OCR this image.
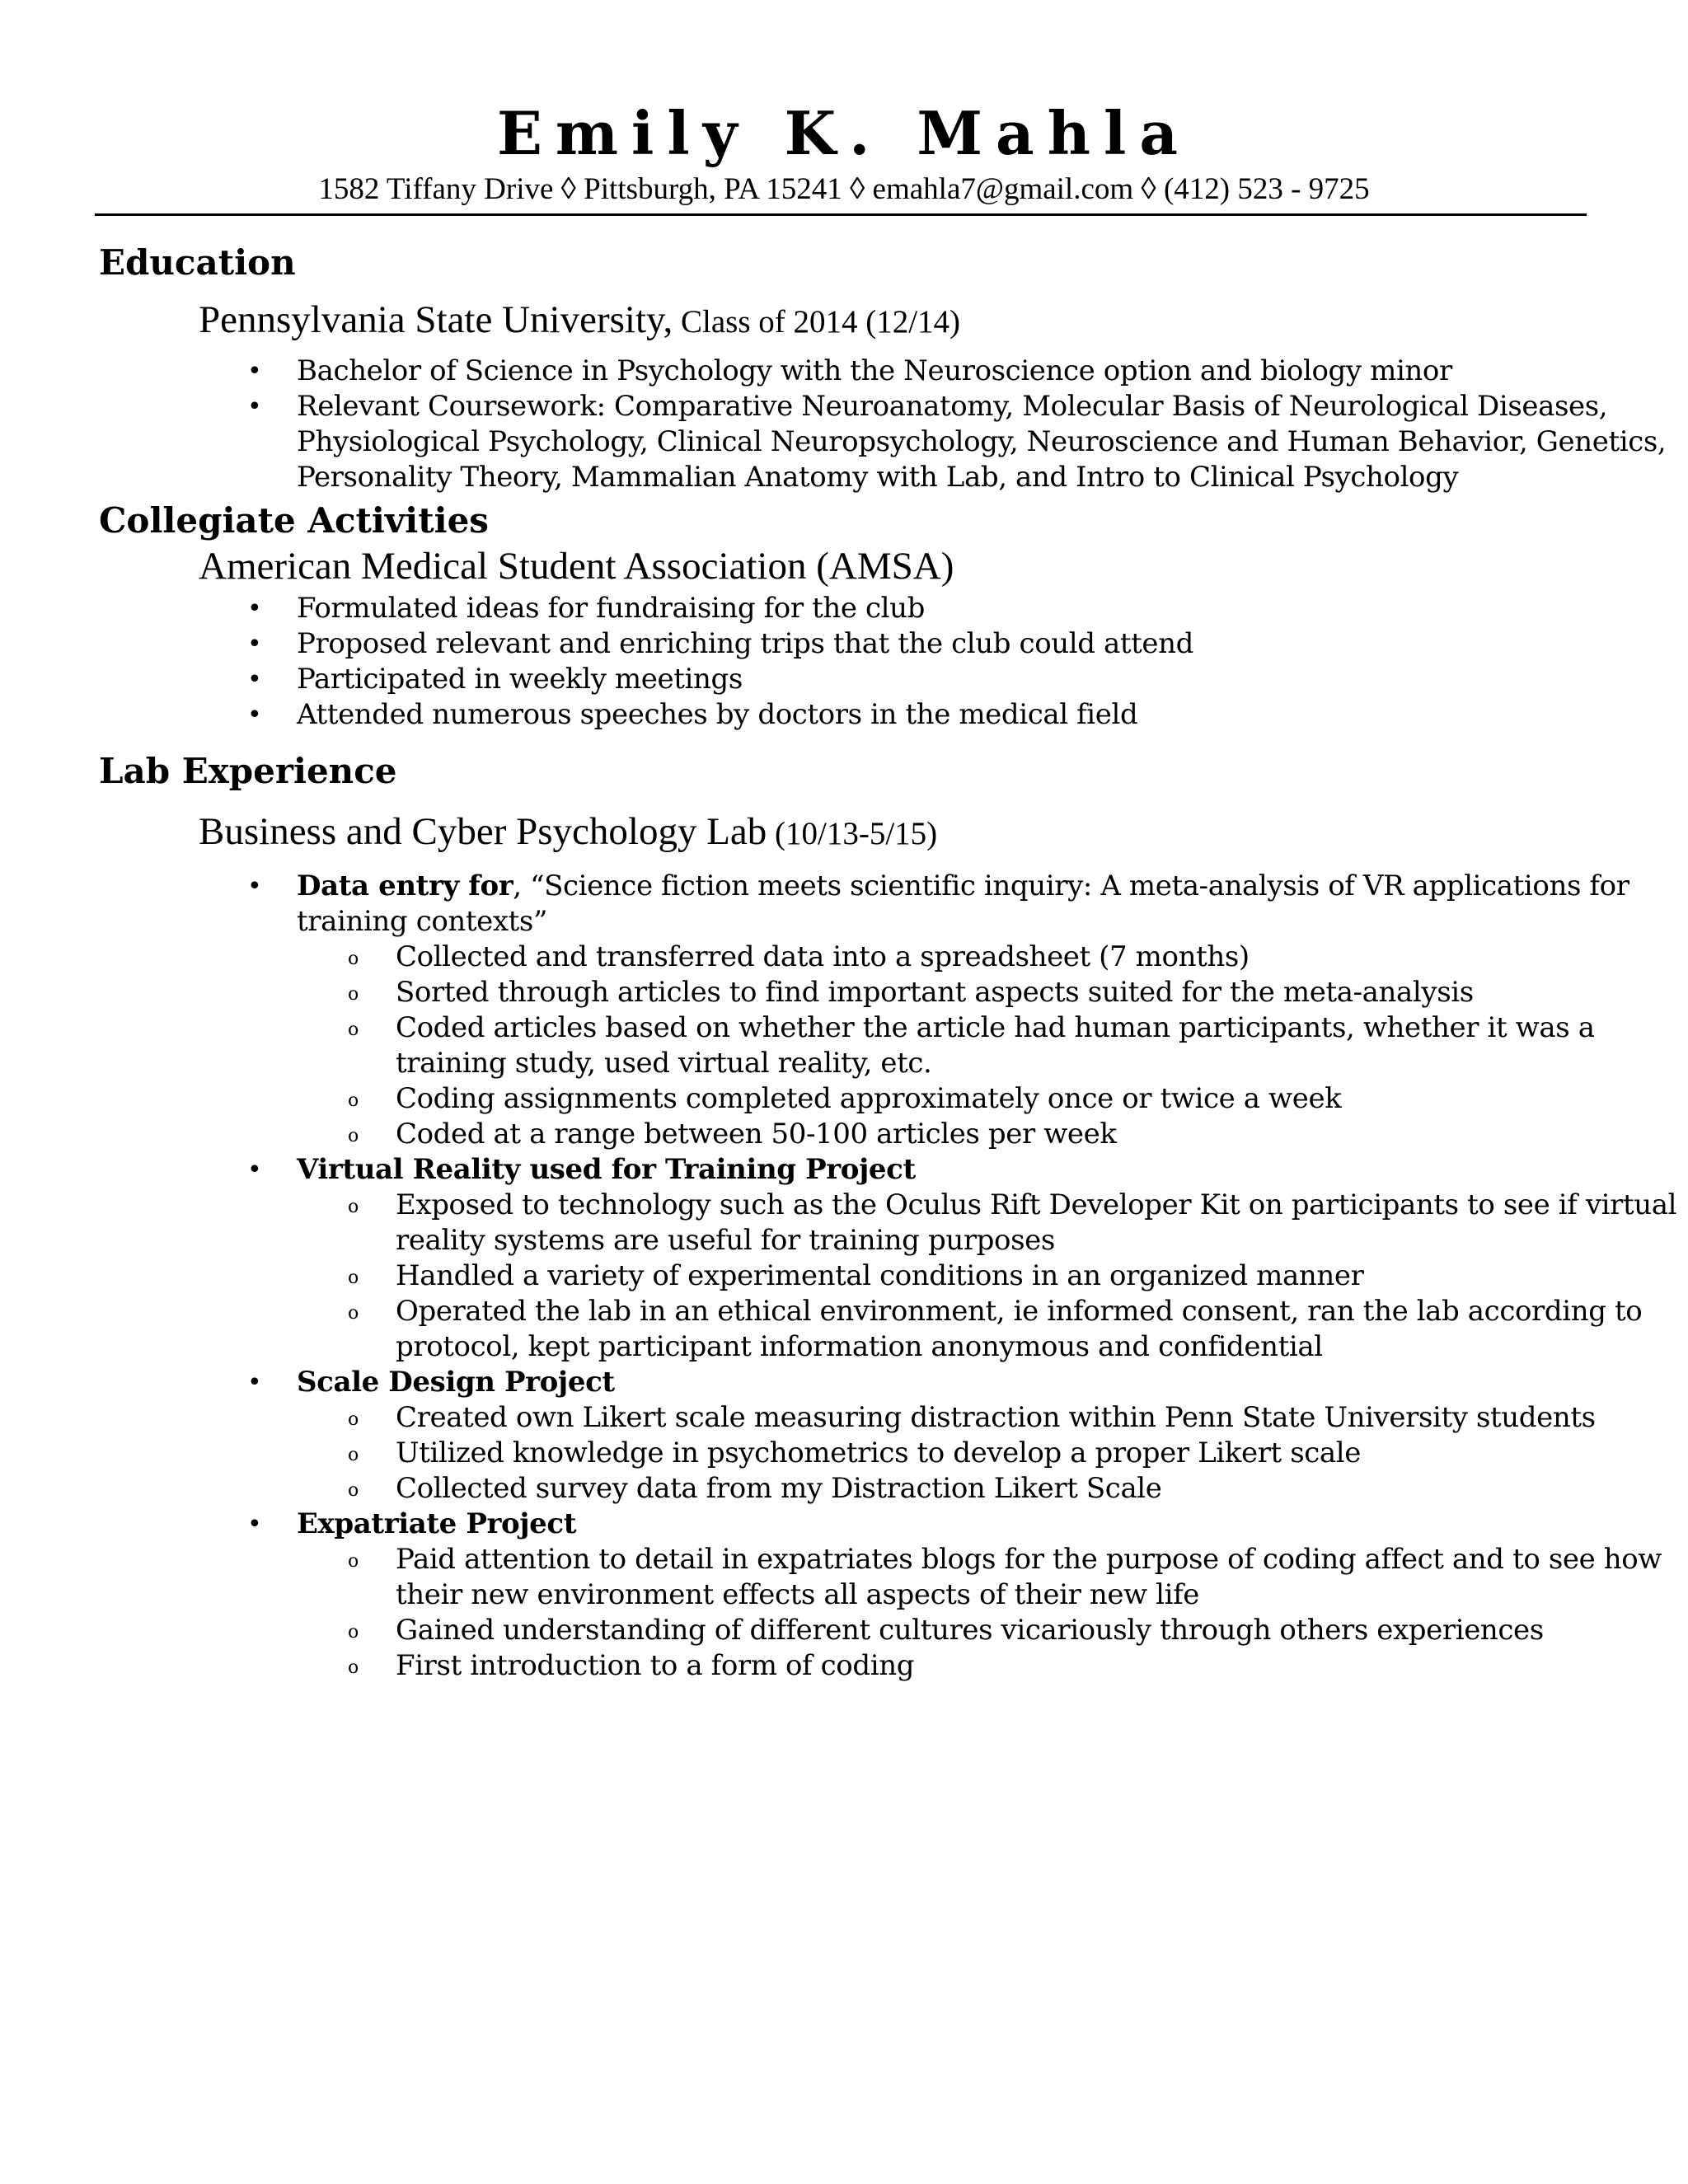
Emily K. Mahla
1582 Tiffany Drive ◊ Pittsburgh, PA 15241 ◊ emahla7@gmail.com ◊ (412) 523 - 9725
Education
Pennsylvania State University, Class of 2014 (12/14)
• Bachelor of Science in Psychology with the Neuroscience option and biology minor
• Relevant Coursework: Comparative Neuroanatomy, Molecular Basis of Neurological Diseases, Physiological Psychology, Clinical Neuropsychology, Neuroscience and Human Behavior, Genetics, Personality Theory, Mammalian Anatomy with Lab, and Intro to Clinical Psychology
Collegiate Activities
American Medical Student Association (AMSA)
• Formulated ideas for fundraising for the club
• Proposed relevant and enriching trips that the club could attend
• Participated in weekly meetings
• Attended numerous speeches by doctors in the medical field
Lab Experience
Business and Cyber Psychology Lab (10/13-5/15)
• Data entry for, “Science fiction meets scientific inquiry: A meta-analysis of VR applications for training contexts”
o Collected and transferred data into a spreadsheet (7 months)
o Sorted through articles to find important aspects suited for the meta-analysis
o Coded articles based on whether the article had human participants, whether it was a training study, used virtual reality, etc.
o Coding assignments completed approximately once or twice a week
o Coded at a range between 50-100 articles per week
• Virtual Reality used for Training Project
o Exposed to technology such as the Oculus Rift Developer Kit on participants to see if virtual reality systems are useful for training purposes
o Handled a variety of experimental conditions in an organized manner
o Operated the lab in an ethical environment, ie informed consent, ran the lab according to protocol, kept participant information anonymous and confidential
• Scale Design Project
o Created own Likert scale measuring distraction within Penn State University students
o Utilized knowledge in psychometrics to develop a proper Likert scale
o Collected survey data from my Distraction Likert Scale
• Expatriate Project
o Paid attention to detail in expatriates blogs for the purpose of coding affect and to see how their new environment effects all aspects of their new life
o Gained understanding of different cultures vicariously through others experiences
o First introduction to a form of coding
